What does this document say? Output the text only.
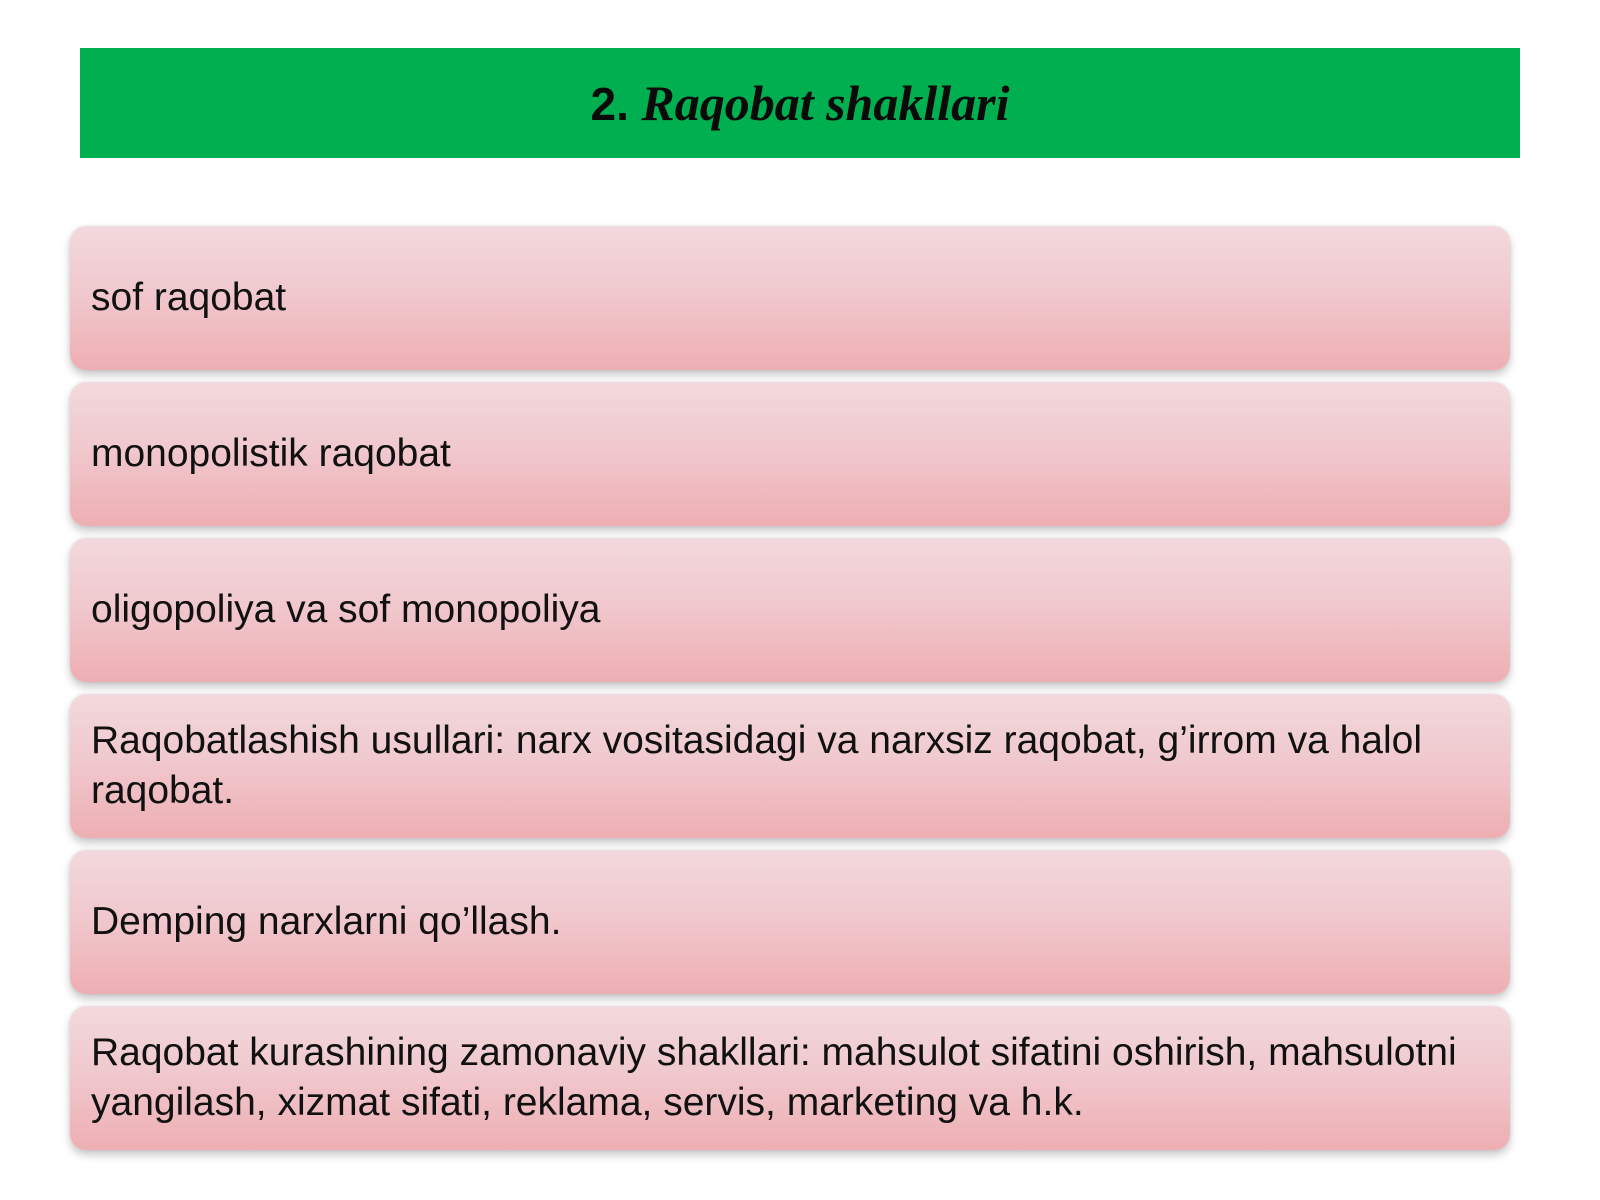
2. Raqobat shakllari
sof raqobat
monopolistik raqobat
oligopoliya va sof monopoliya
Raqobatlashish usullari: narx vositasidagi va narxsiz raqobat, g’irrom va halol raqobat.
Demping narxlarni qo’llash.
Raqobat kurashining zamonaviy shakllari: mahsulot sifatini oshirish, mahsulotni yangilash, xizmat sifati, reklama, servis, marketing va h.k.
